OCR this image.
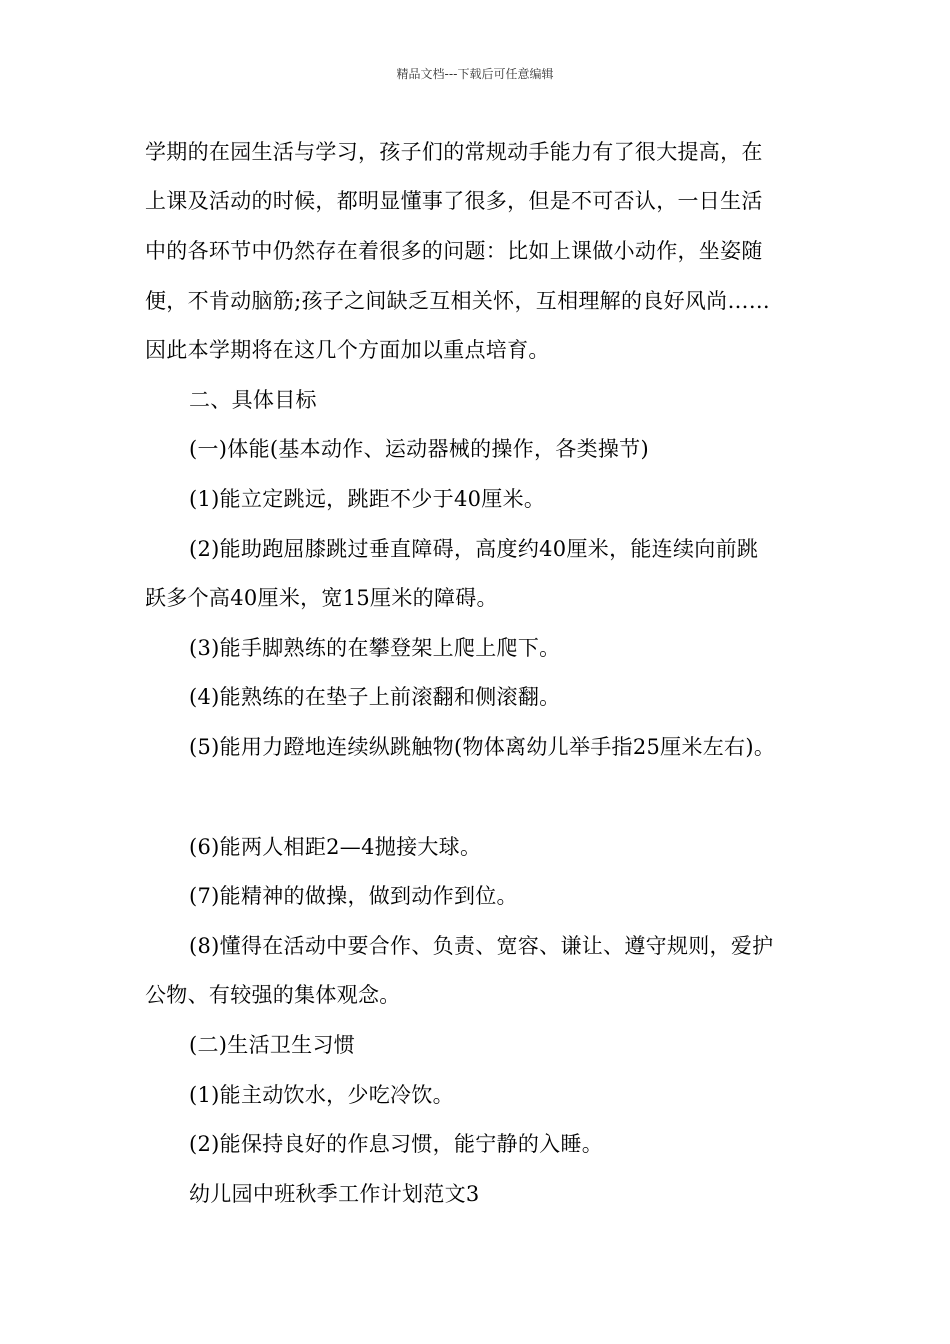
精品文档---下载后可任意编辑
学期的在园生活与学习，孩子们的常规动手能力有了很大提高，在
上课及活动的时候，都明显懂事了很多，但是不可否认，一日生活
中的各环节中仍然存在着很多的问题：比如上课做小动作，坐姿随
便，不肯动脑筋;孩子之间缺乏互相关怀，互相理解的良好风尚……
因此本学期将在这几个方面加以重点培育。
二、具体目标
(一)体能(基本动作、运动器械的操作，各类操节)
(1)能立定跳远，跳距不少于40厘米。
(2)能助跑屈膝跳过垂直障碍，高度约40厘米，能连续向前跳
跃多个高40厘米，宽15厘米的障碍。
(3)能手脚熟练的在攀登架上爬上爬下。
(4)能熟练的在垫子上前滚翻和侧滚翻。
(5)能用力蹬地连续纵跳触物(物体离幼儿举手指25厘米左右)。
(6)能两人相距2—4抛接大球。
(7)能精神的做操，做到动作到位。
(8)懂得在活动中要合作、负责、宽容、谦让、遵守规则，爱护
公物、有较强的集体观念。
(二)生活卫生习惯
(1)能主动饮水，少吃冷饮。
(2)能保持良好的作息习惯，能宁静的入睡。
幼儿园中班秋季工作计划范文3
